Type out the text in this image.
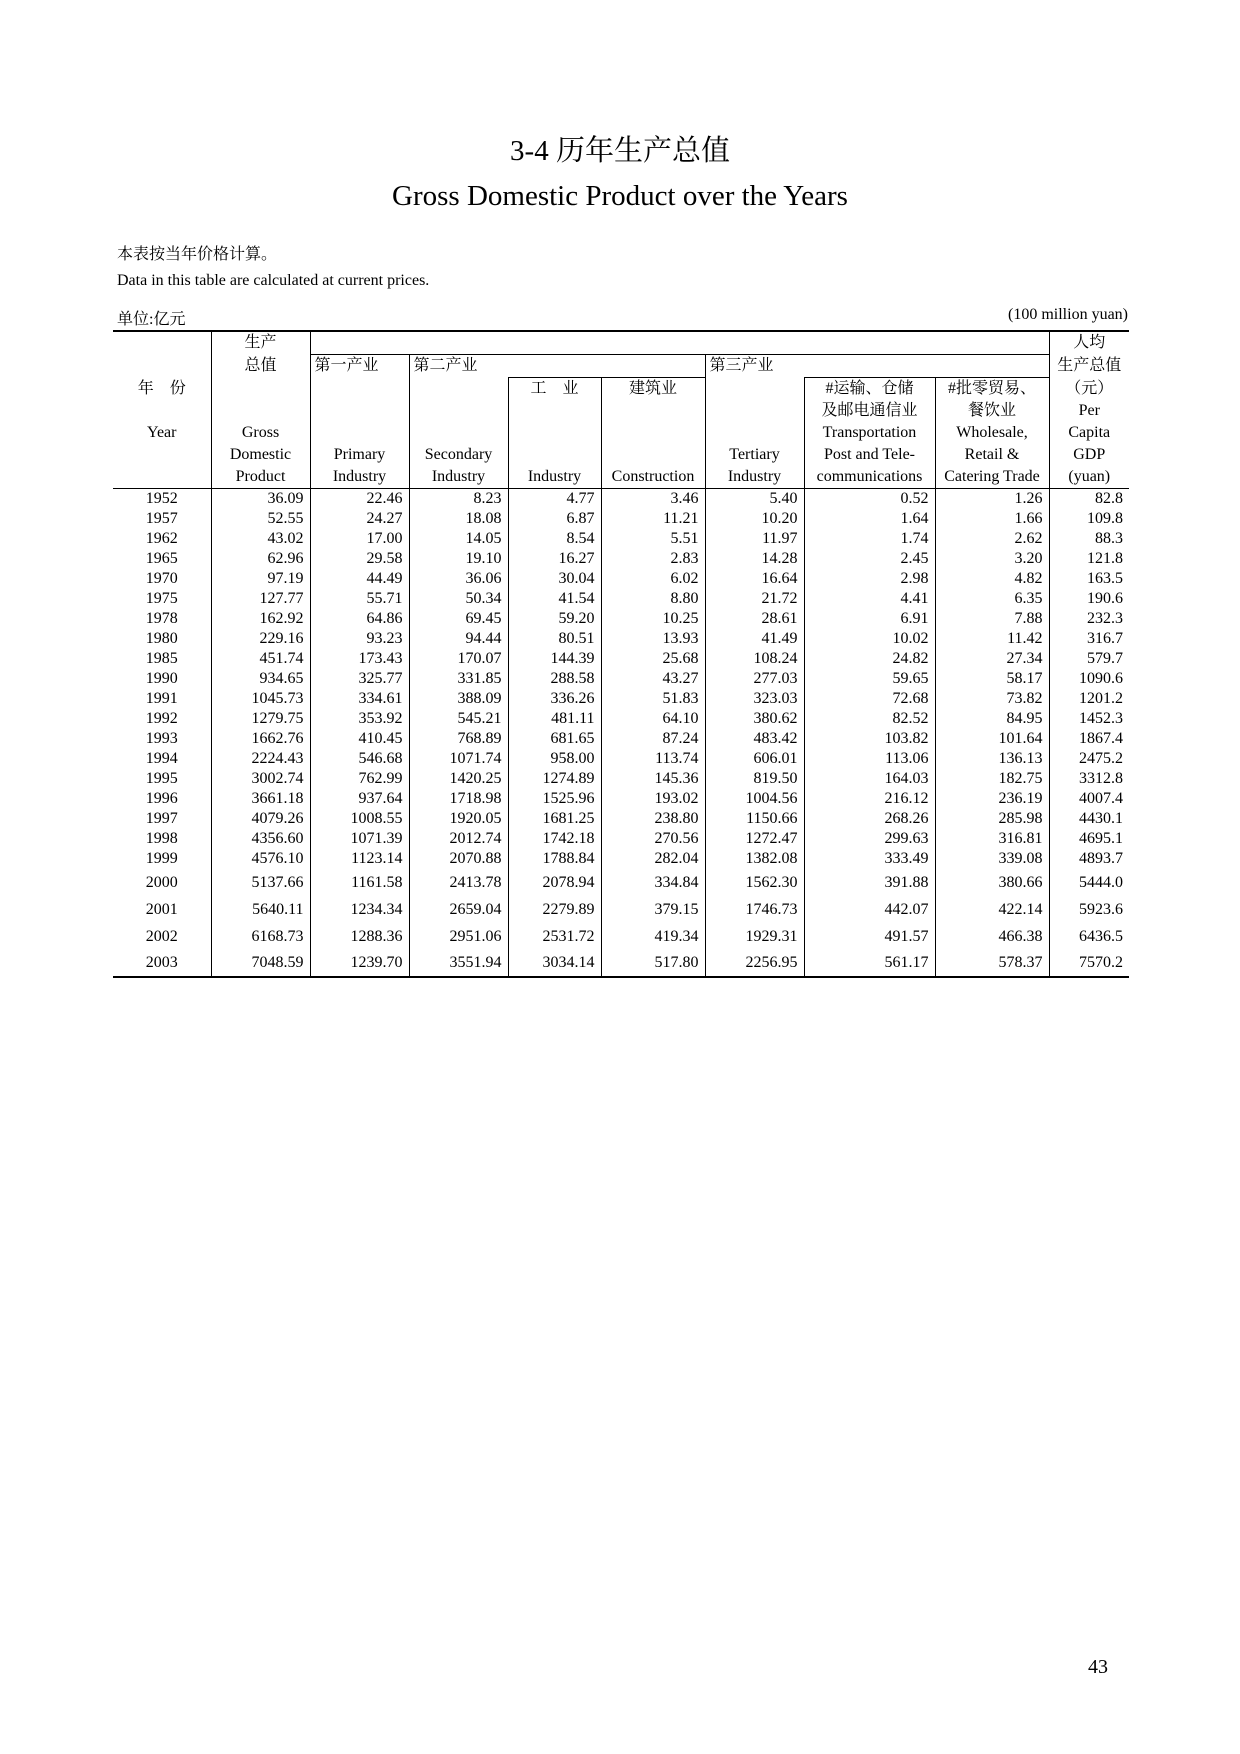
3-4 历年生产总值
Gross Domestic Product over the Years
本表按当年价格计算。
Data in this table are calculated at current prices.
单位:亿元	(100 million yuan)
	生产								人均
	总值	第一产业	第二产业			第三产业			生产总值
年　份				工　业	建筑业		#运输、仓储	#批零贸易、	（元）
							及邮电通信业	餐饮业	Per
Year	Gross						Transportation	Wholesale,	Capita
	Domestic	Primary	Secondary			Tertiary	Post and Tele-	Retail &	GDP
	Product	Industry	Industry	Industry	Construction	Industry	communications	Catering Trade	(yuan)
1952	36.09	22.46	8.23	4.77	3.46	5.40	0.52	1.26	82.8
1957	52.55	24.27	18.08	6.87	11.21	10.20	1.64	1.66	109.8
1962	43.02	17.00	14.05	8.54	5.51	11.97	1.74	2.62	88.3
1965	62.96	29.58	19.10	16.27	2.83	14.28	2.45	3.20	121.8
1970	97.19	44.49	36.06	30.04	6.02	16.64	2.98	4.82	163.5
1975	127.77	55.71	50.34	41.54	8.80	21.72	4.41	6.35	190.6
1978	162.92	64.86	69.45	59.20	10.25	28.61	6.91	7.88	232.3
1980	229.16	93.23	94.44	80.51	13.93	41.49	10.02	11.42	316.7
1985	451.74	173.43	170.07	144.39	25.68	108.24	24.82	27.34	579.7
1990	934.65	325.77	331.85	288.58	43.27	277.03	59.65	58.17	1090.6
1991	1045.73	334.61	388.09	336.26	51.83	323.03	72.68	73.82	1201.2
1992	1279.75	353.92	545.21	481.11	64.10	380.62	82.52	84.95	1452.3
1993	1662.76	410.45	768.89	681.65	87.24	483.42	103.82	101.64	1867.4
1994	2224.43	546.68	1071.74	958.00	113.74	606.01	113.06	136.13	2475.2
1995	3002.74	762.99	1420.25	1274.89	145.36	819.50	164.03	182.75	3312.8
1996	3661.18	937.64	1718.98	1525.96	193.02	1004.56	216.12	236.19	4007.4
1997	4079.26	1008.55	1920.05	1681.25	238.80	1150.66	268.26	285.98	4430.1
1998	4356.60	1071.39	2012.74	1742.18	270.56	1272.47	299.63	316.81	4695.1
1999	4576.10	1123.14	2070.88	1788.84	282.04	1382.08	333.49	339.08	4893.7
2000	5137.66	1161.58	2413.78	2078.94	334.84	1562.30	391.88	380.66	5444.0
2001	5640.11	1234.34	2659.04	2279.89	379.15	1746.73	442.07	422.14	5923.6
2002	6168.73	1288.36	2951.06	2531.72	419.34	1929.31	491.57	466.38	6436.5
2003	7048.59	1239.70	3551.94	3034.14	517.80	2256.95	561.17	578.37	7570.2
43
